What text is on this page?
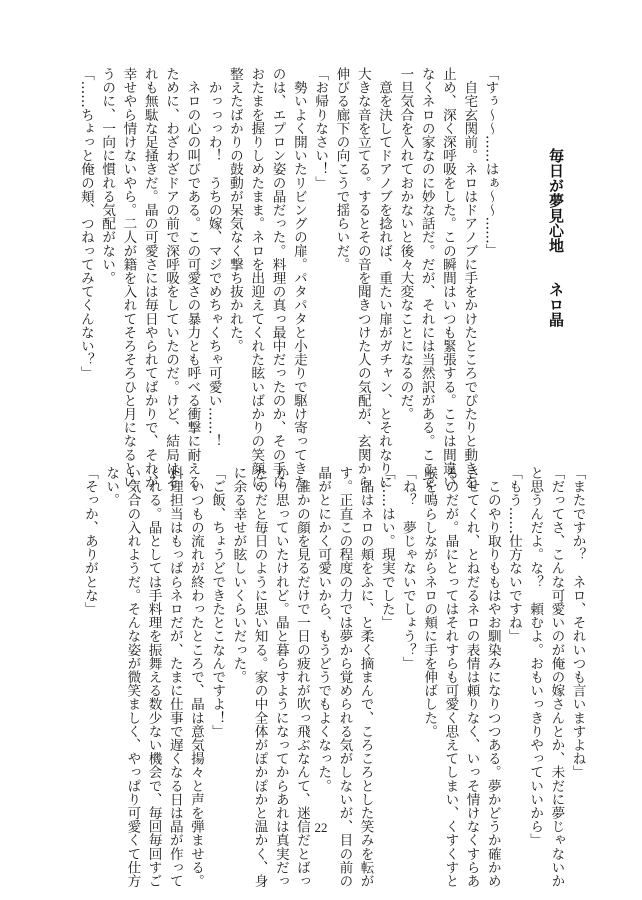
毎日が夢見心地
ネロ晶
「すぅ〜〜……はぁ〜〜……」
　自宅玄関前。ネロはドアノブに手をかけたところでぴたりと動きを
止め、深く深呼吸をした。この瞬間はいつも緊張する。ここは間違い
なくネロの家なのに妙な話だ。だが、それには当然訳がある。ここで
一旦気合を入れておかないと後々大変なことになるのだ。
　意を決してドアノブを捻れば、重たい扉がガチャン、とそれなりに
大きな音を立てる。するとその音を聞きつけた人の気配が、玄関から
伸びる廊下の向こうで揺らいだ。
「お帰りなさい！」
　勢いよく開いたリビングの扉。パタパタと小走りで駆け寄ってきた
のは、エプロン姿の晶だった。料理の真っ最中だったのか、その手に
おたまを握りしめたまま。ネロを出迎えてくれた眩いばかりの笑顔に、
整えたばかりの鼓動が呆気なく撃ち抜かれた。
　かっっっわ！　うちの嫁、マジでめちゃくちゃ可愛い……！
　ネロの心の叫びである。この可愛さの暴力とも呼べる衝撃に耐える
ために、わざわざドアの前で深呼吸をしていたのだ。けど、結局はそ
れも無駄な足掻きだ。晶の可愛さには毎日やられてばかりで、それが
幸せやら情けないやら。二人が籍を入れてそろそろひと月になるとい
うのに、一向に慣れる気配がない。
「……ちょっと俺の頬、つねってみてくんない？」
「またですか？　ネロ、それいつも言いますよね」
「だってさ、こんな可愛いのが俺の嫁さんとか、未だに夢じゃないか
と思うんだよ。な？　頼むよ。おもいっきりやっていいから」
「もう……仕方ないですね」
　このやり取りももはやお馴染みになりつつある。夢かどうか確かめ
させてくれ、とねだるネロの表情は頼りなく、いっそ情けなくすらあ
るのだが。晶にとってはそれすらも可愛く思えてしまい、くすくすと
喉を鳴らしながらネロの頬に手を伸ばした。
「ね？　夢じゃないでしょう？」
「……はい。現実でした」
　晶はネロの頬をふに、と柔く摘まんで、ころころとした笑みを転が
す。正直この程度の力では夢から覚められる気がしないが、目の前の
晶がとにかく可愛いから、もうどうでもよくなった。
　誰かの顔を見るだけで一日の疲れが吹っ飛ぶなんて、迷信だとばっ
かり思っていたけれど。晶と暮らすようになってからあれは真実だっ
たのだと毎日のように思い知る。家の中全体がぽかぽかと温かく、身
に余る幸せが眩しいくらいだった。
「ご飯、ちょうどできたとこなんですよ！」
　いつもの流れが終わったところで、晶は意気揚々と声を弾ませる。
料理担当はもっぱらネロだが、たまに仕事で遅くなる日は晶が作って
くれる。晶としては手料理を振舞える数少ない機会で、毎回毎回すご
い気合の入れようだ。そんな姿が微笑ましく、やっぱり可愛くて仕方
ない。
「そっか、ありがとな」
22
